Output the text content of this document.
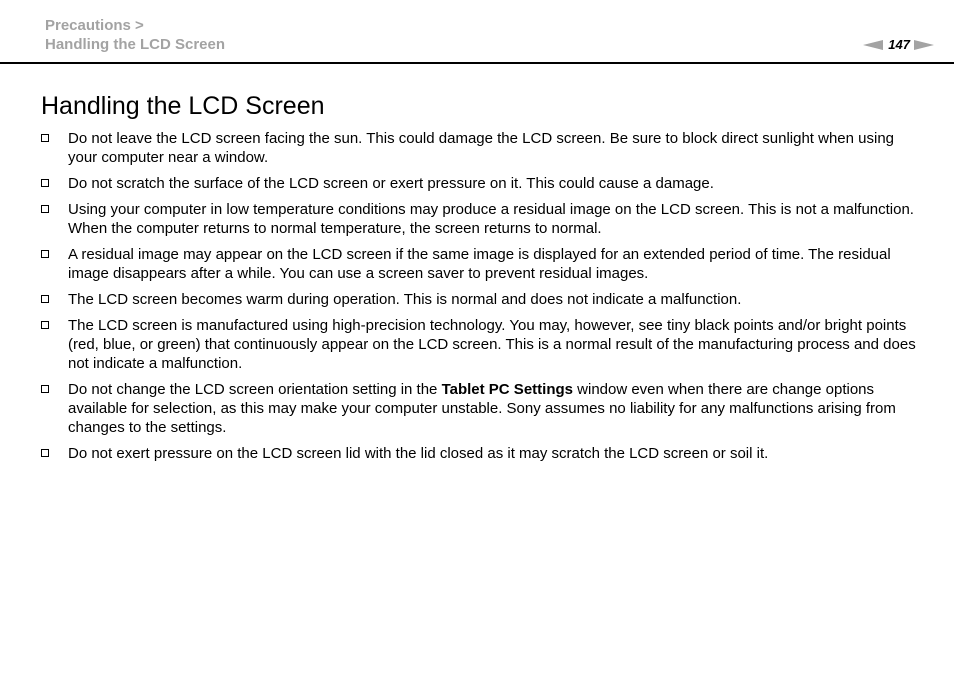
Precautions >
Handling the LCD Screen	147
Handling the LCD Screen
Do not leave the LCD screen facing the sun. This could damage the LCD screen. Be sure to block direct sunlight when using your computer near a window.
Do not scratch the surface of the LCD screen or exert pressure on it. This could cause a damage.
Using your computer in low temperature conditions may produce a residual image on the LCD screen. This is not a malfunction. When the computer returns to normal temperature, the screen returns to normal.
A residual image may appear on the LCD screen if the same image is displayed for an extended period of time. The residual image disappears after a while. You can use a screen saver to prevent residual images.
The LCD screen becomes warm during operation. This is normal and does not indicate a malfunction.
The LCD screen is manufactured using high-precision technology. You may, however, see tiny black points and/or bright points (red, blue, or green) that continuously appear on the LCD screen. This is a normal result of the manufacturing process and does not indicate a malfunction.
Do not change the LCD screen orientation setting in the Tablet PC Settings window even when there are change options available for selection, as this may make your computer unstable. Sony assumes no liability for any malfunctions arising from changes to the settings.
Do not exert pressure on the LCD screen lid with the lid closed as it may scratch the LCD screen or soil it.
